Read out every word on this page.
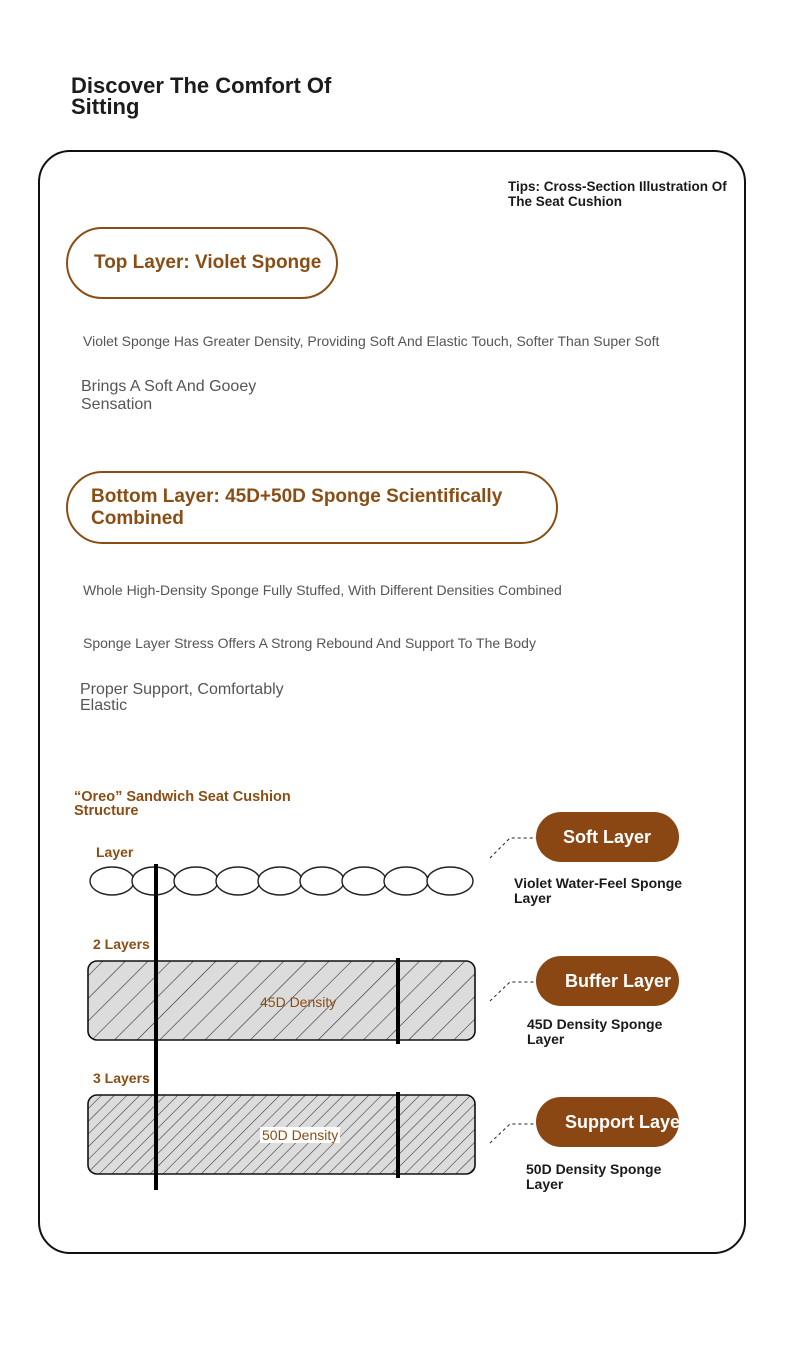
Discover The Comfort Of Sitting
Tips: Cross-Section Illustration Of The Seat Cushion
Top Layer: Violet Sponge
Violet Sponge Has Greater Density, Providing Soft And Elastic Touch, Softer Than Super Soft
Brings A Soft And Gooey Sensation
Bottom Layer: 45D+50D Sponge Scientifically Combined
Whole High-Density Sponge Fully Stuffed, With Different Densities Combined
Sponge Layer Stress Offers A Strong Rebound And Support To The Body
Proper Support, Comfortably Elastic
“Oreo” Sandwich Seat Cushion Structure
Layer
2 Layers
3 Layers
45D Density
50D Density
Soft Layer
Violet Water-Feel Sponge Layer
Buffer Layer
45D Density Sponge Layer
Support Layer
50D Density Sponge Layer
